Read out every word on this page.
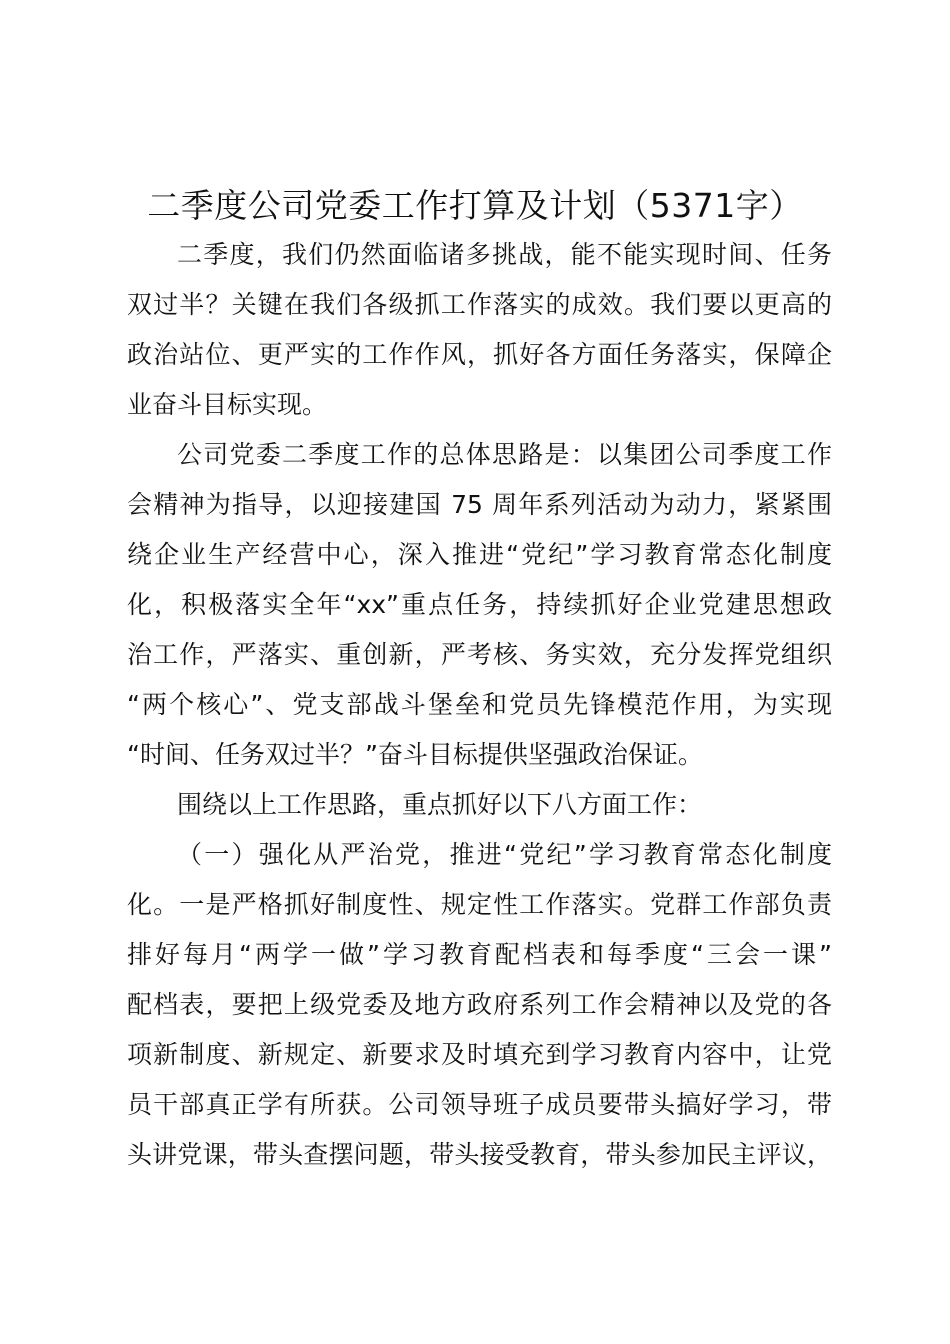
二季度公司党委工作打算及计划（5371字）
二季度，我们仍然面临诸多挑战，能不能实现时间、任务
双过半？关键在我们各级抓工作落实的成效。我们要以更高的
政治站位、更严实的工作作风，抓好各方面任务落实，保障企
业奋斗目标实现。
公司党委二季度工作的总体思路是：以集团公司季度工作
会精神为指导，以迎接建国 75 周年系列活动为动力，紧紧围
绕企业生产经营中心，深入推进“党纪”学习教育常态化制度
化，积极落实全年“xx”重点任务，持续抓好企业党建思想政
治工作，严落实、重创新，严考核、务实效，充分发挥党组织
“两个核心”、党支部战斗堡垒和党员先锋模范作用，为实现
“时间、任务双过半？”奋斗目标提供坚强政治保证。
围绕以上工作思路，重点抓好以下八方面工作：
（一）强化从严治党，推进“党纪”学习教育常态化制度
化。一是严格抓好制度性、规定性工作落实。党群工作部负责
排好每月“两学一做”学习教育配档表和每季度“三会一课”
配档表，要把上级党委及地方政府系列工作会精神以及党的各
项新制度、新规定、新要求及时填充到学习教育内容中，让党
员干部真正学有所获。公司领导班子成员要带头搞好学习，带
头讲党课，带头查摆问题，带头接受教育，带头参加民主评议，
